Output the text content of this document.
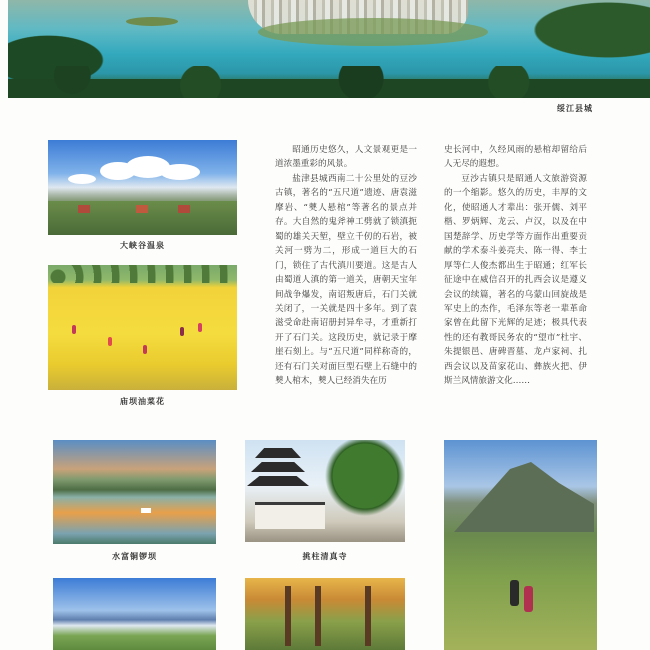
绥江县城
大峡谷温泉
庙坝油菜花

昭通历史悠久，人文景观更是一道浓墨重彩的风景。

盐津县城西南二十公里处的豆沙古镇，著名的“五尺道”遗迹、唐袁滋摩岩、“僰人悬棺”等著名的景点并存。大自然的鬼斧神工劈就了锁滇扼蜀的雄关天堑，壁立千仞的石岩，被关河一劈为二，形成一道巨大的石门，锁住了古代滇川要道。这是古人由蜀道人滇的第一道关，唐朝天宝年间战争爆发，南诏叛唐后，石门关就关闭了，一关就是四十多年。到了袁滋受命赴南诏册封异牟寻，才重新打开了石门关。这段历史，就记录于摩崖石刻上。与“五尺道”同样称奇的，还有石门关对面巨型石壁上石缝中的僰人棺木，僰人已经消失在历

史长河中，久经风雨的悬棺却留给后人无尽的遐想。

豆沙古镇只是昭通人文旅游资源的一个缩影。悠久的历史，丰厚的文化，使昭通人才辈出：张开儒、刘平楷、罗炳辉、龙云、卢汉，以及在中国楚辞学、历史学等方面作出重要贡献的学术泰斗姜亮夫、陈一得、李士厚等仁人俊杰都出生于昭通；红军长征途中在威信召开的扎西会议是遵义会议的续篇，著名的乌蒙山回旋战是军史上的杰作，毛泽东等老一辈革命家曾在此留下光辉的足迹；极具代表性的还有教哥民务农的“望市”杜宇、朱提银邑、唐碑晋墓、龙卢家祠、扎西会议以及苗家花山、彝族火把、伊斯兰风情旅游文化……

水富铜锣坝	挑柱清真寺
